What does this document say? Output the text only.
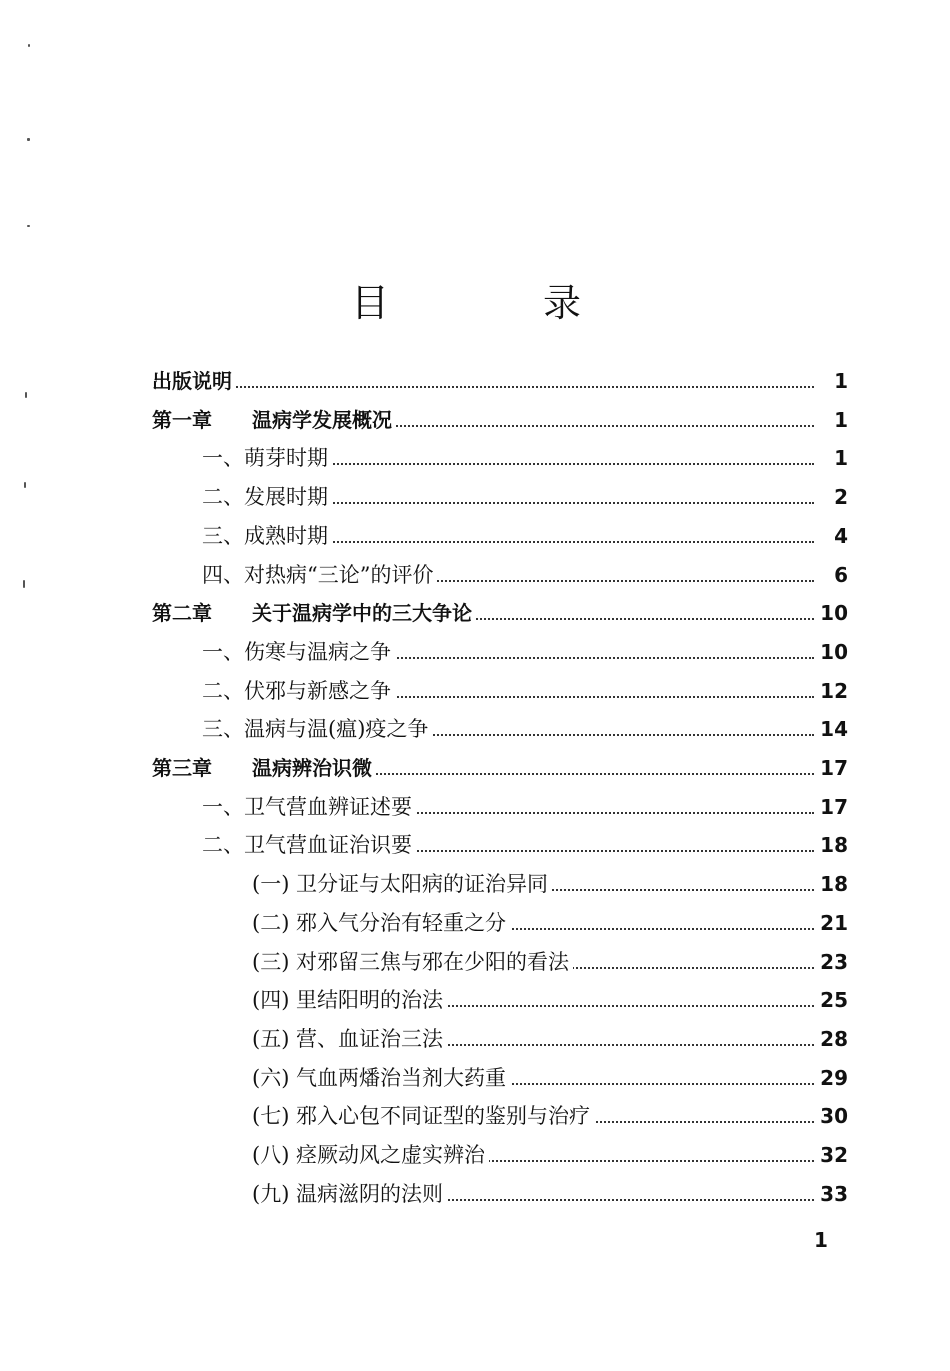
目　录
出版说明	1
第一章 温病学发展概况	1
一、萌芽时期	1
二、发展时期	2
三、成熟时期	4
四、对热病“三论”的评价	6
第二章 关于温病学中的三大争论	10
一、伤寒与温病之争	10
二、伏邪与新感之争	12
三、温病与温(瘟)疫之争	14
第三章 温病辨治识微	17
一、卫气营血辨证述要	17
二、卫气营血证治识要	18
(一) 卫分证与太阳病的证治异同	18
(二) 邪入气分治有轻重之分	21
(三) 对邪留三焦与邪在少阳的看法	23
(四) 里结阳明的治法	25
(五) 营、血证治三法	28
(六) 气血两燔治当剂大药重	29
(七) 邪入心包不同证型的鉴别与治疗	30
(八) 痉厥动风之虚实辨治	32
(九) 温病滋阴的法则	33
1
